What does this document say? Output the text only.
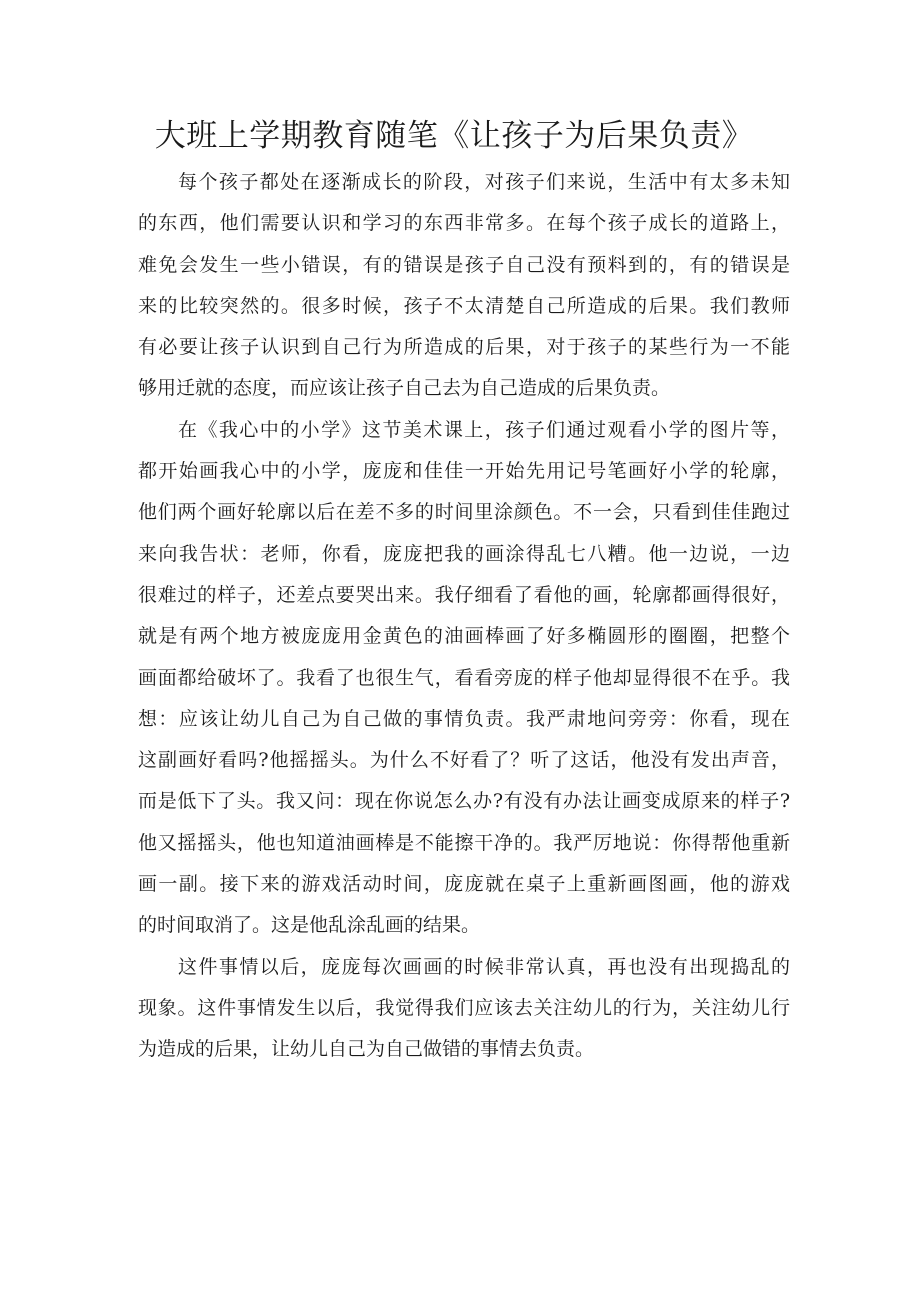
大班上学期教育随笔《让孩子为后果负责》
每个孩子都处在逐渐成长的阶段，对孩子们来说，生活中有太多未知
的东西，他们需要认识和学习的东西非常多。在每个孩子成长的道路上，
难免会发生一些小错误，有的错误是孩子自己没有预料到的，有的错误是
来的比较突然的。很多时候，孩子不太清楚自己所造成的后果。我们教师
有必要让孩子认识到自己行为所造成的后果，对于孩子的某些行为一不能
够用迁就的态度，而应该让孩子自己去为自己造成的后果负责。
在《我心中的小学》这节美术课上，孩子们通过观看小学的图片等，
都开始画我心中的小学，庞庞和佳佳一开始先用记号笔画好小学的轮廓，
他们两个画好轮廓以后在差不多的时间里涂颜色。不一会，只看到佳佳跑过
来向我告状：老师，你看，庞庞把我的画涂得乱七八糟。他一边说，一边
很难过的样子，还差点要哭出来。我仔细看了看他的画，轮廓都画得很好，
就是有两个地方被庞庞用金黄色的油画棒画了好多椭圆形的圈圈，把整个
画面都给破坏了。我看了也很生气，看看旁庞的样子他却显得很不在乎。我
想：应该让幼儿自己为自己做的事情负责。我严肃地问旁旁：你看，现在
这副画好看吗?他摇摇头。为什么不好看了？听了这话，他没有发出声音，
而是低下了头。我又问：现在你说怎么办?有没有办法让画变成原来的样子?
他又摇摇头，他也知道油画棒是不能擦干净的。我严厉地说：你得帮他重新
画一副。接下来的游戏活动时间，庞庞就在桌子上重新画图画，他的游戏
的时间取消了。这是他乱涂乱画的结果。
这件事情以后，庞庞每次画画的时候非常认真，再也没有出现捣乱的
现象。这件事情发生以后，我觉得我们应该去关注幼儿的行为，关注幼儿行
为造成的后果，让幼儿自己为自己做错的事情去负责。
